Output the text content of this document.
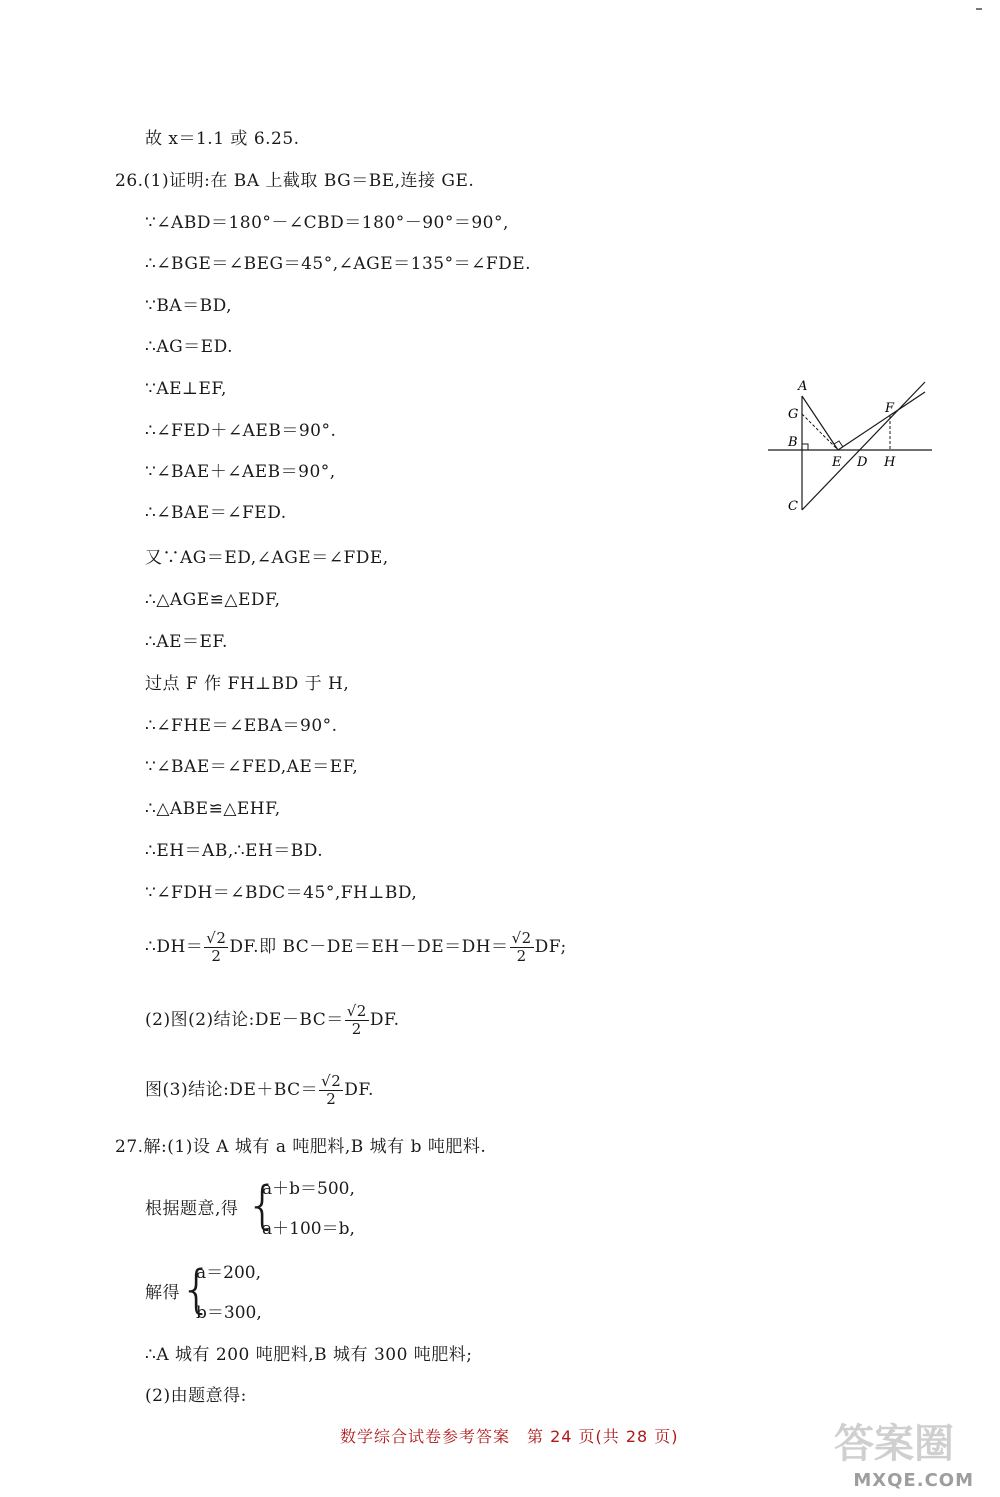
故 x＝1.1 或 6.25.
26.(1)证明:在 BA 上截取 BG＝BE,连接 GE.
∵∠ABD＝180°－∠CBD＝180°－90°＝90°,
∴∠BGE＝∠BEG＝45°,∠AGE＝135°＝∠FDE.
∵BA＝BD,
∴AG＝ED.
∵AE⊥EF,
∴∠FED＋∠AEB＝90°.
∵∠BAE＋∠AEB＝90°,
∴∠BAE＝∠FED.
又∵AG＝ED,∠AGE＝∠FDE,
∴△AGE≌△EDF,
∴AE＝EF.
过点 F 作 FH⊥BD 于 H,
∴∠FHE＝∠EBA＝90°.
∵∠BAE＝∠FED,AE＝EF,
∴△ABE≌△EHF,
∴EH＝AB,∴EH＝BD.
∵∠FDH＝∠BDC＝45°,FH⊥BD,
∴DH＝ $\frac{√2}{2}$ DF.即 $BC-DE=EH-DE=DH= \frac{√2}{2}$ DF;
(2)图(2)结论:DE－BC＝ $\frac{√2}{2}$ DF.
图(3)结论:DE＋BC＝ $\frac{√2}{2}$ DF.
27.解:(1)设 A 城有 a 吨肥料,B 城有 b 吨肥料.
根据题意,得 {
a＋b＝500,
a＋100＝b,
解得 {
a＝200,
b＝300,
∴A 城有 200 吨肥料,B 城有 300 吨肥料;
(2)由题意得:
A
G
B
E D H
F
C
数学综合试卷参考答案　第 24 页(共 28 页)	答案圈
MXQE.COM
